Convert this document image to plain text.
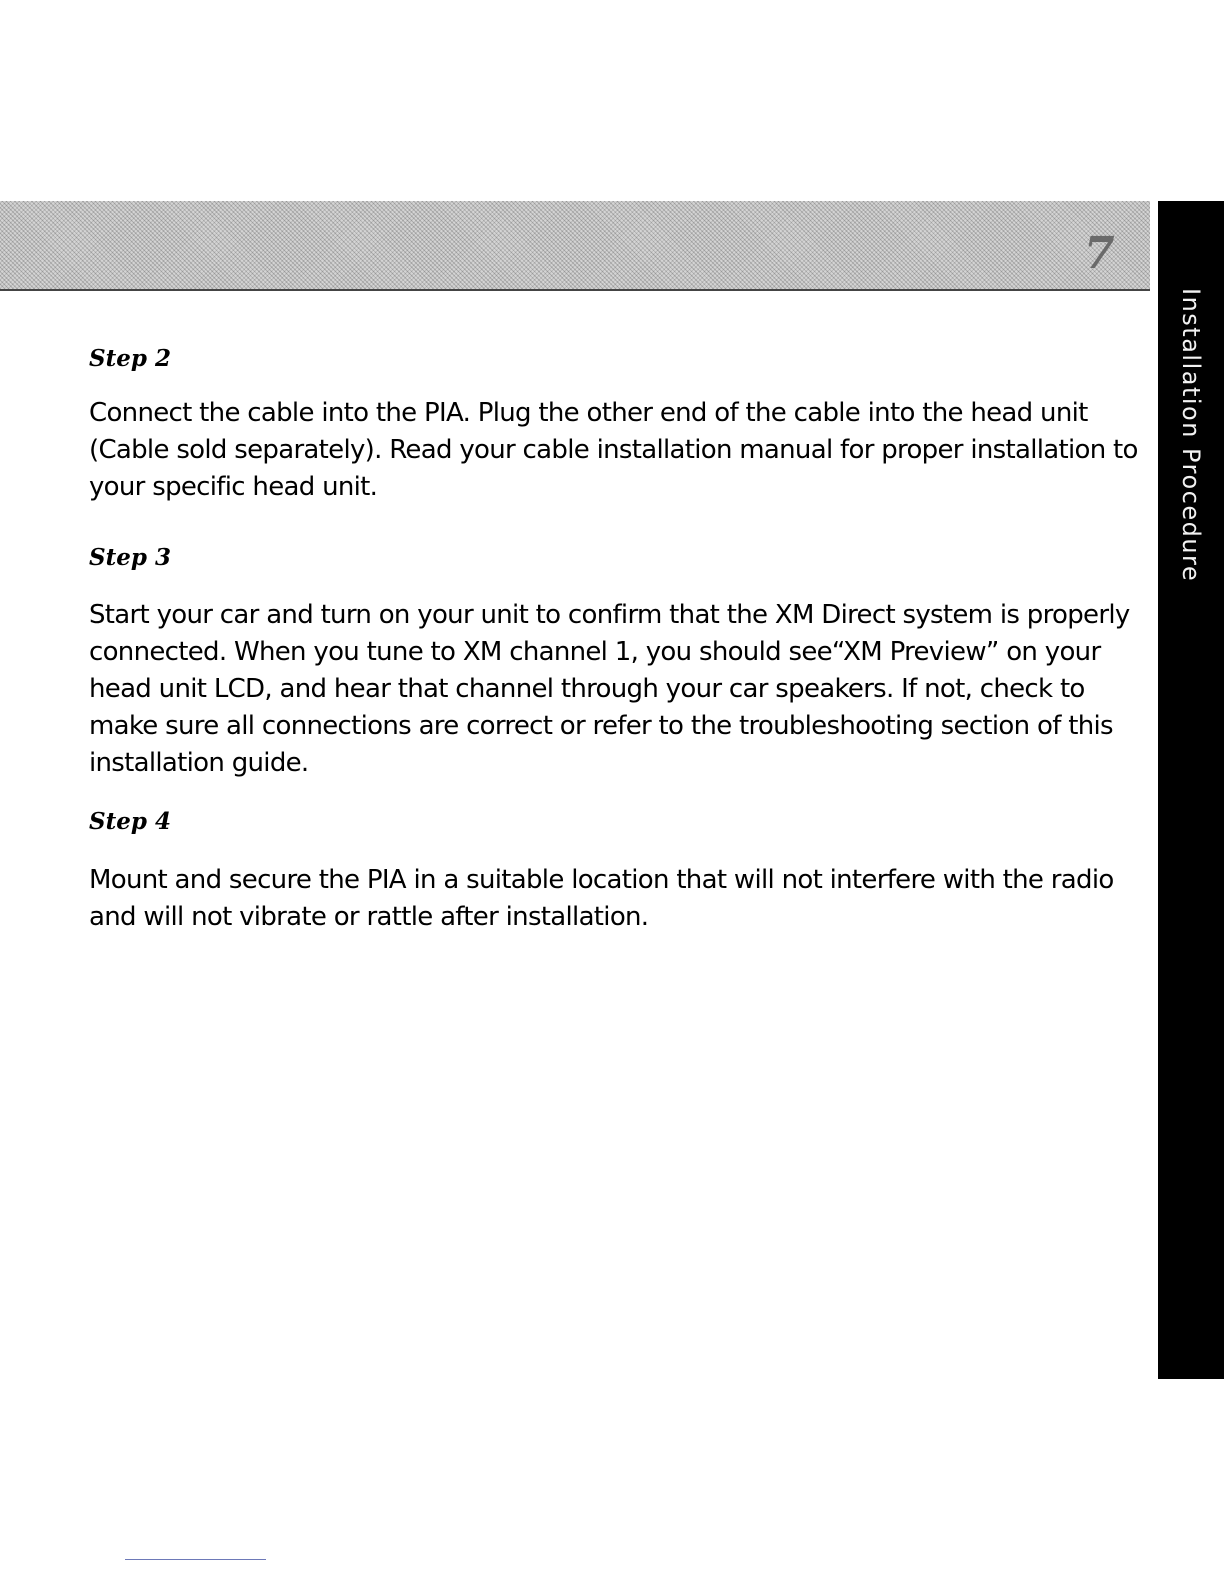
7
Installation Procedure
Step 2

Connect the cable into the PIA. Plug the other end of the cable into the head unit (Cable sold separately). Read your cable installation manual for proper installation to your specific head unit.

Step 3

Start your car and turn on your unit to confirm that the XM Direct system is properly connected. When you tune to XM channel 1, you should see“XM Preview” on your head unit LCD, and hear that channel through your car speakers. If not, check to make sure all connections are correct or refer to the troubleshooting section of this installation guide.

Step 4

Mount and secure the PIA in a suitable location that will not interfere with the radio and will not vibrate or rattle after installation.
